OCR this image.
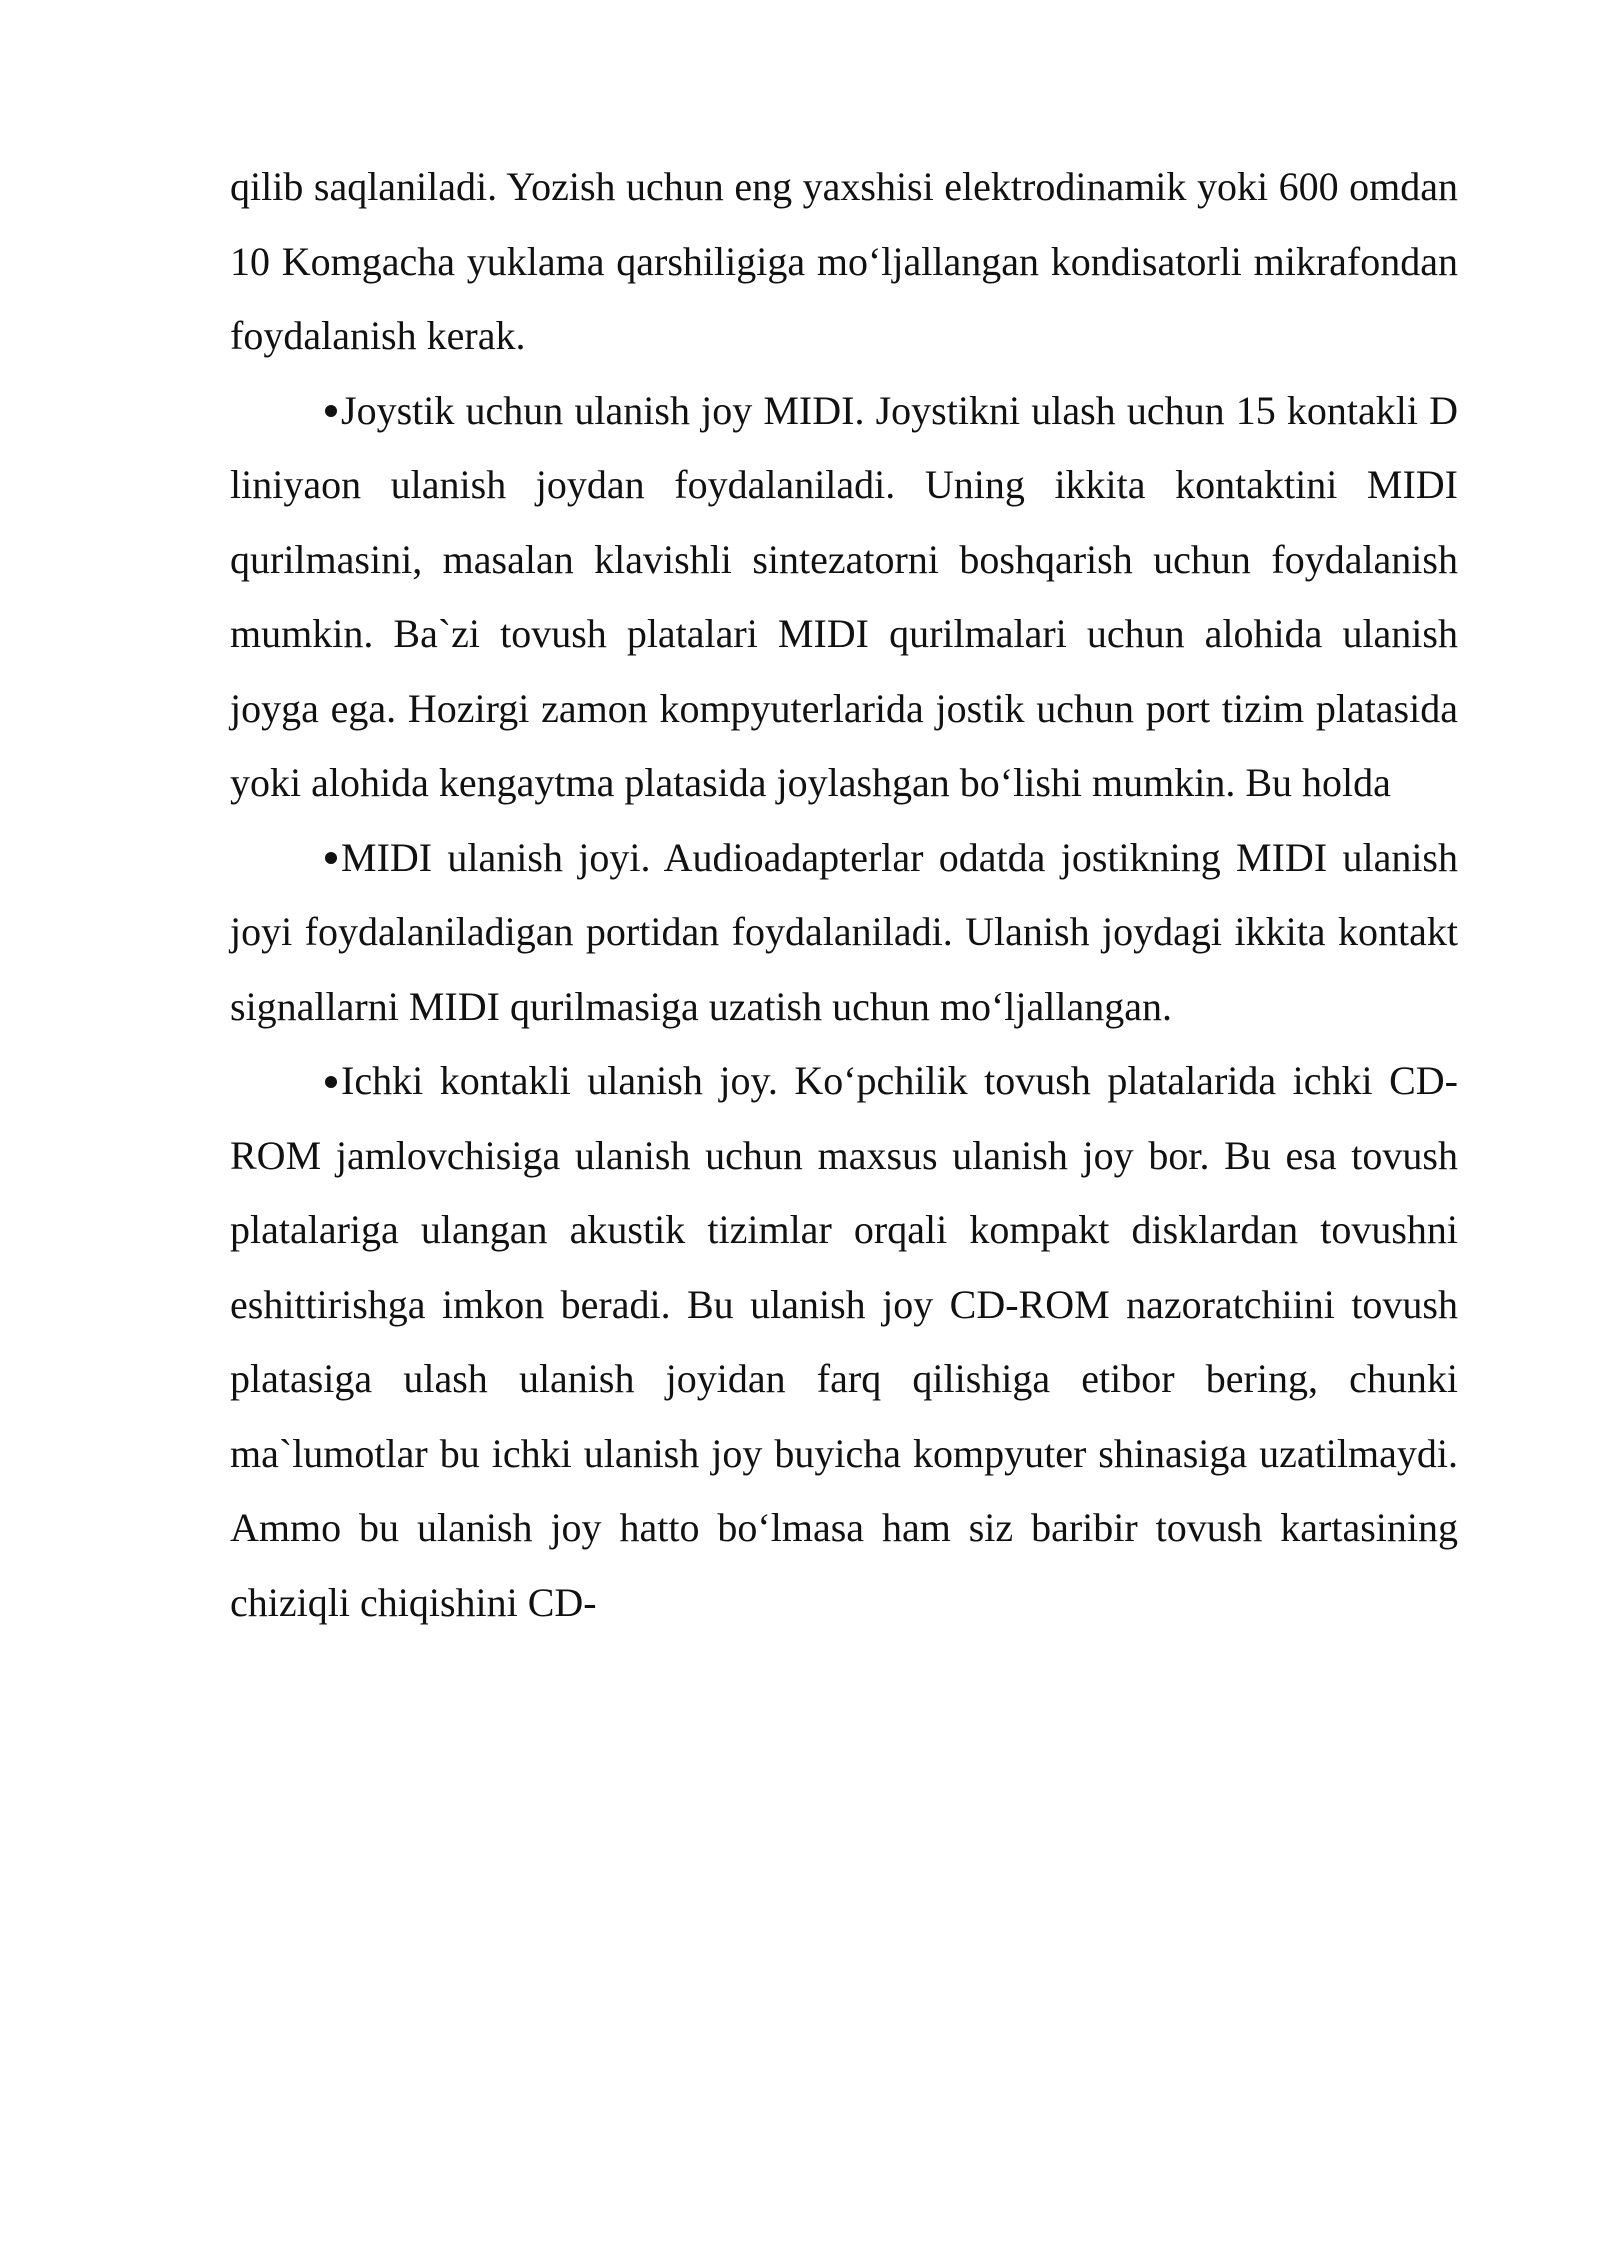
qilib saqlaniladi. Yozish uchun eng yaxshisi elektrodinamik yoki 600 omdan 10 Komgacha yuklama qarshiligiga mo‘ljallangan kondisatorli mikrafondan foydalanish kerak.

Joystik uchun ulanish joy MIDI. Joystikni ulash uchun 15 kontakli D liniyaon ulanish joydan foydalaniladi. Uning ikkita kontaktini MIDI qurilmasini, masalan klavishli sintezatorni boshqarish uchun foydalanish mumkin. Ba`zi tovush platalari MIDI qurilmalari uchun alohida ulanish joyga ega. Hozirgi zamon kompyuterlarida jostik uchun port tizim platasida yoki alohida kengaytma platasida joylashgan bo‘lishi mumkin. Bu holda

MIDI ulanish joyi. Audioadapterlar odatda jostikning MIDI ulanish joyi foydalaniladigan portidan foydalaniladi. Ulanish joydagi ikkita kontakt signallarni MIDI qurilmasiga uzatish uchun mo‘ljallangan.

Ichki kontakli ulanish joy. Ko‘pchilik tovush platalarida ichki CD-ROM jamlovchisiga ulanish uchun maxsus ulanish joy bor. Bu esa tovush platalariga ulangan akustik tizimlar orqali kompakt disklardan tovushni eshittirishga imkon beradi. Bu ulanish joy CD-ROM nazoratchiini tovush platasiga ulash ulanish joyidan farq qilishiga etibor bering, chunki ma`lumotlar bu ichki ulanish joy buyicha kompyuter shinasiga uzatilmaydi. Ammo bu ulanish joy hatto bo‘lmasa ham siz baribir tovush kartasining chiziqli chiqishini CD-
